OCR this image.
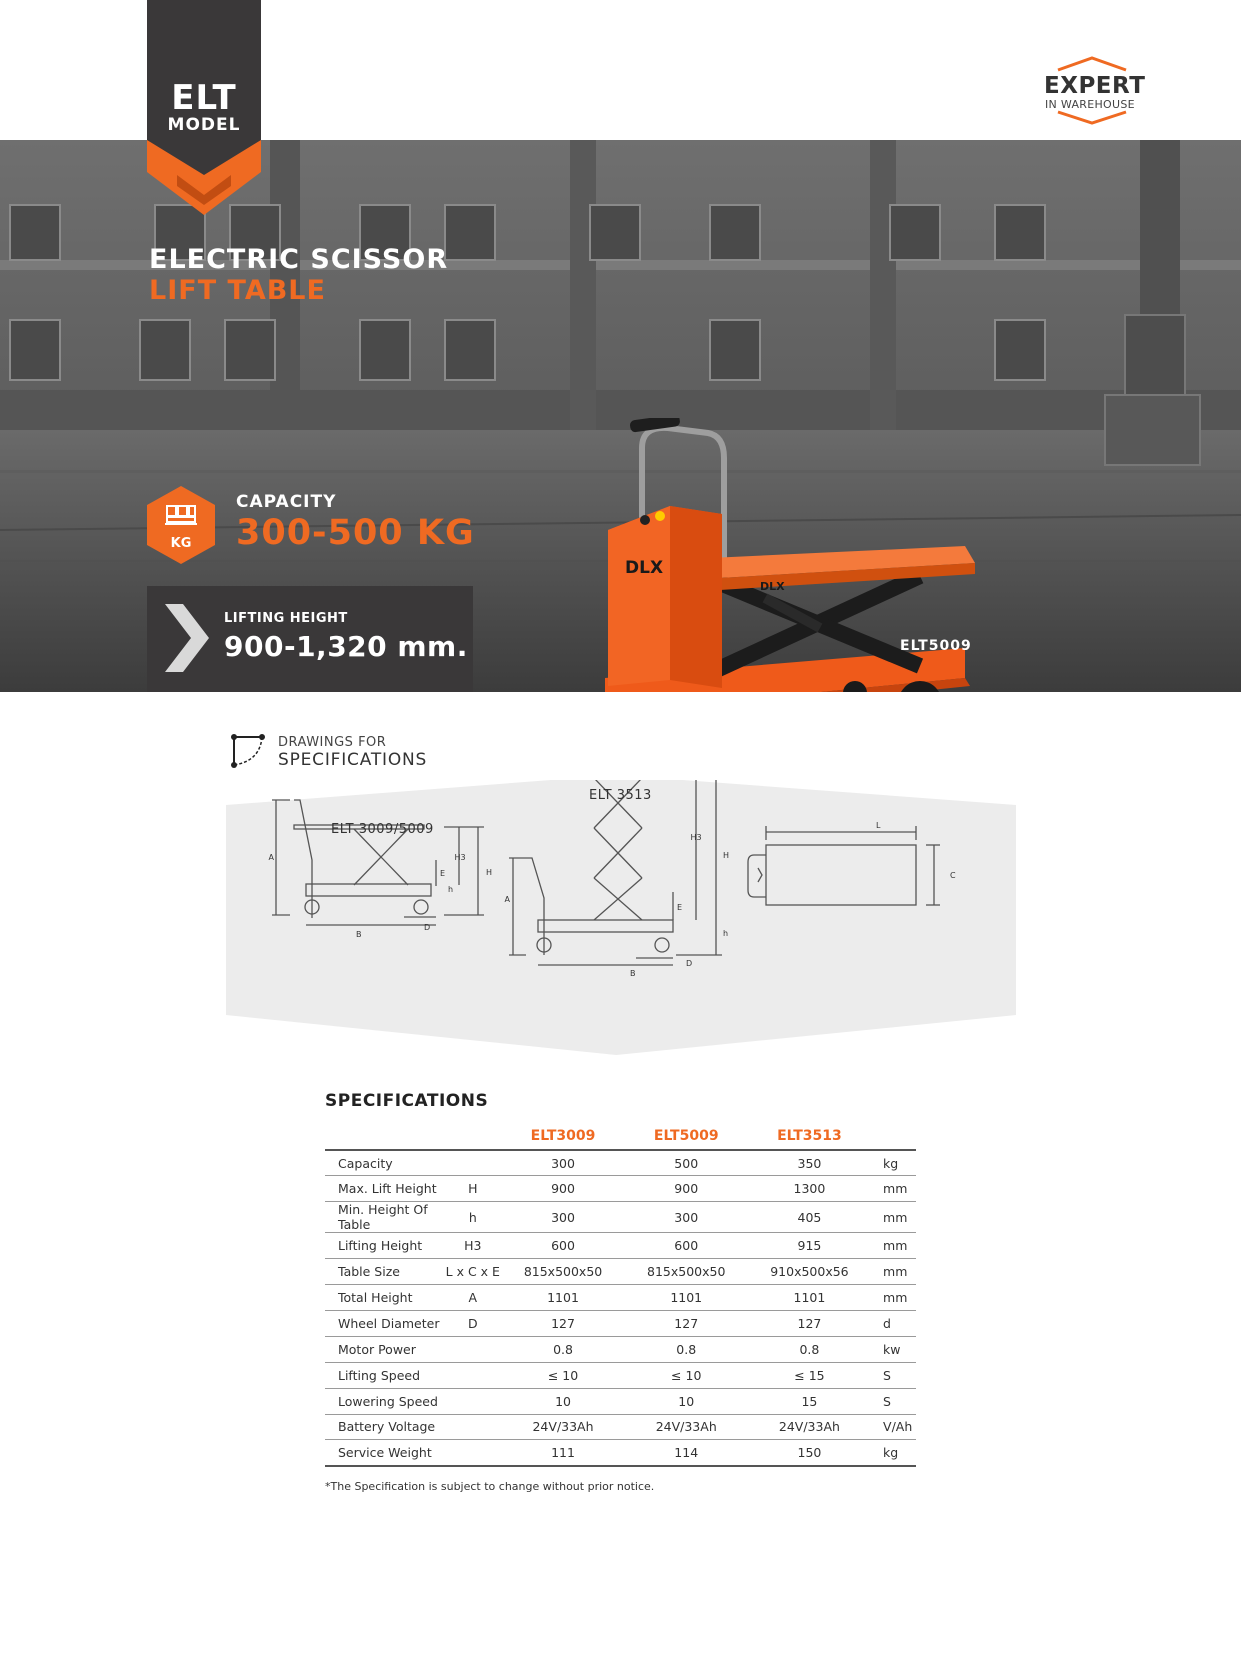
ELT
MODEL
EXPERT
IN WAREHOUSE
DLX
DLX
ELT5009
ELECTRIC SCISSOR
LIFT TABLE
KG
CAPACITY
300-500 KG
LIFTING HEIGHT
900-1,320 mm.
DRAWINGS FOR
SPECIFICATIONS
A	H3
H
h
B
D
E
A
H3
H
h
B
D
E
L
C
ELT 3009/5009
ELT 3513
SPECIFICATIONS
		ELT3009	ELT5009	ELT3513	
Capacity		300	500	350	kg
Max. Lift Height	H	900	900	1300	mm
Min. Height Of Table	h	300	300	405	mm
Lifting Height	H3	600	600	915	mm
Table Size	L x C x E	815x500x50	815x500x50	910x500x56	mm
Total Height	A	1101	1101	1101	mm
Wheel Diameter	D	127	127	127	d
Motor Power		0.8	0.8	0.8	kw
Lifting Speed		≤ 10	≤ 10	≤ 15	S
Lowering Speed		10	10	15	S
Battery Voltage		24V/33Ah	24V/33Ah	24V/33Ah	V/Ah
Service Weight		111	114	150	kg
*The Specification is subject to change without prior notice.
